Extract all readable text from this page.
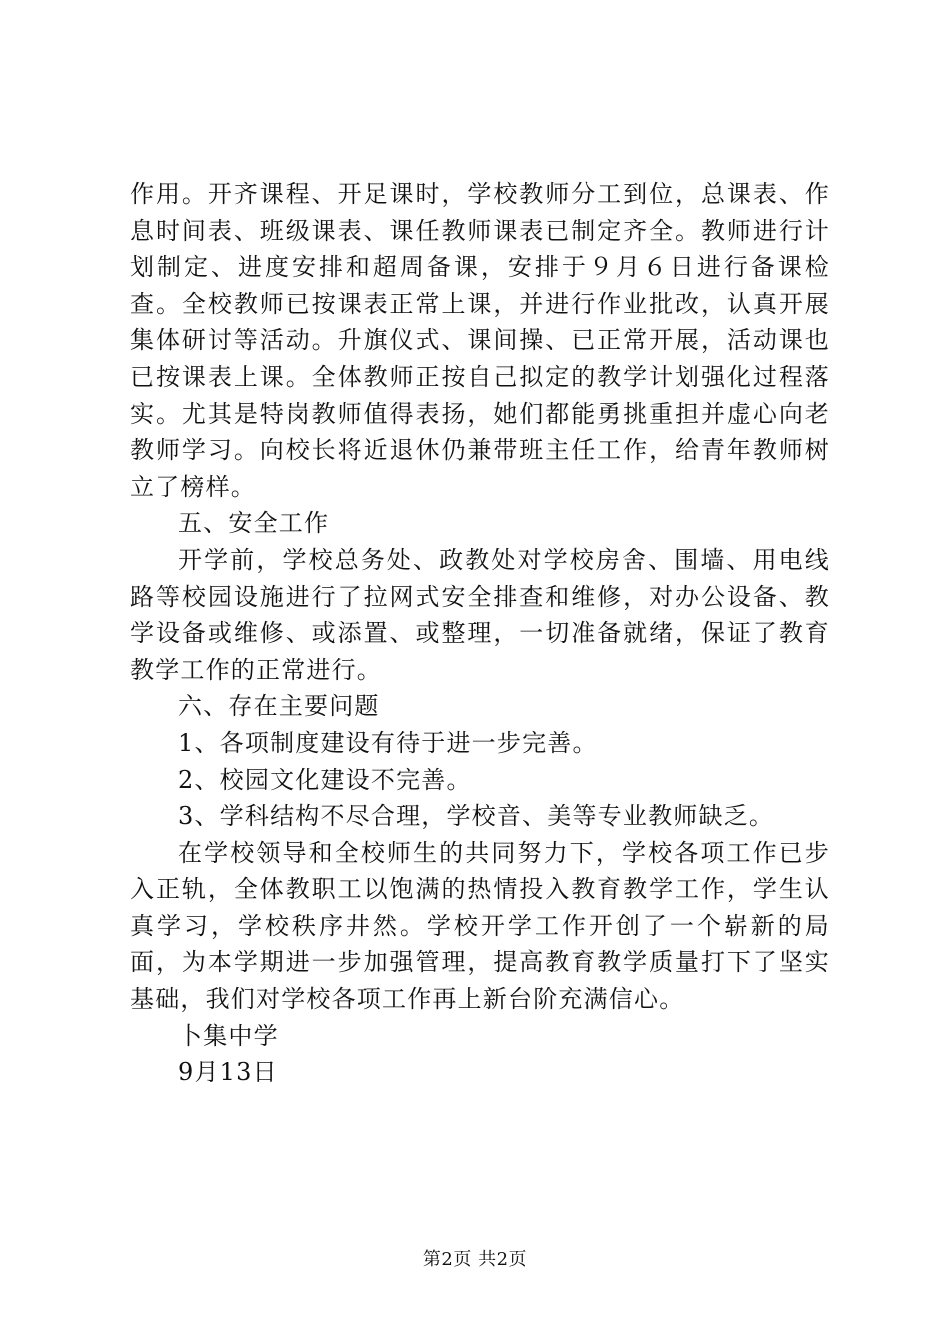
作用。开齐课程、开足课时，学校教师分工到位，总课表、作息时间表、班级课表、课任教师课表已制定齐全。教师进行计划制定、进度安排和超周备课，安排于９月６日进行备课检查。全校教师已按课表正常上课，并进行作业批改，认真开展集体研讨等活动。升旗仪式、课间操、已正常开展，活动课也已按课表上课。全体教师正按自己拟定的教学计划强化过程落实。尤其是特岗教师值得表扬，她们都能勇挑重担并虚心向老教师学习。向校长将近退休仍兼带班主任工作，给青年教师树立了榜样。

五、安全工作

开学前，学校总务处、政教处对学校房舍、围墙、用电线路等校园设施进行了拉网式安全排查和维修，对办公设备、教学设备或维修、或添置、或整理，一切准备就绪，保证了教育教学工作的正常进行。

六、存在主要问题

1、各项制度建设有待于进一步完善。

2、校园文化建设不完善。

3、学科结构不尽合理，学校音、美等专业教师缺乏。

在学校领导和全校师生的共同努力下，学校各项工作已步入正轨，全体教职工以饱满的热情投入教育教学工作，学生认真学习，学校秩序井然。学校开学工作开创了一个崭新的局面，为本学期进一步加强管理，提高教育教学质量打下了坚实基础，我们对学校各项工作再上新台阶充满信心。

卜集中学

9月13日

第2页 共2页
